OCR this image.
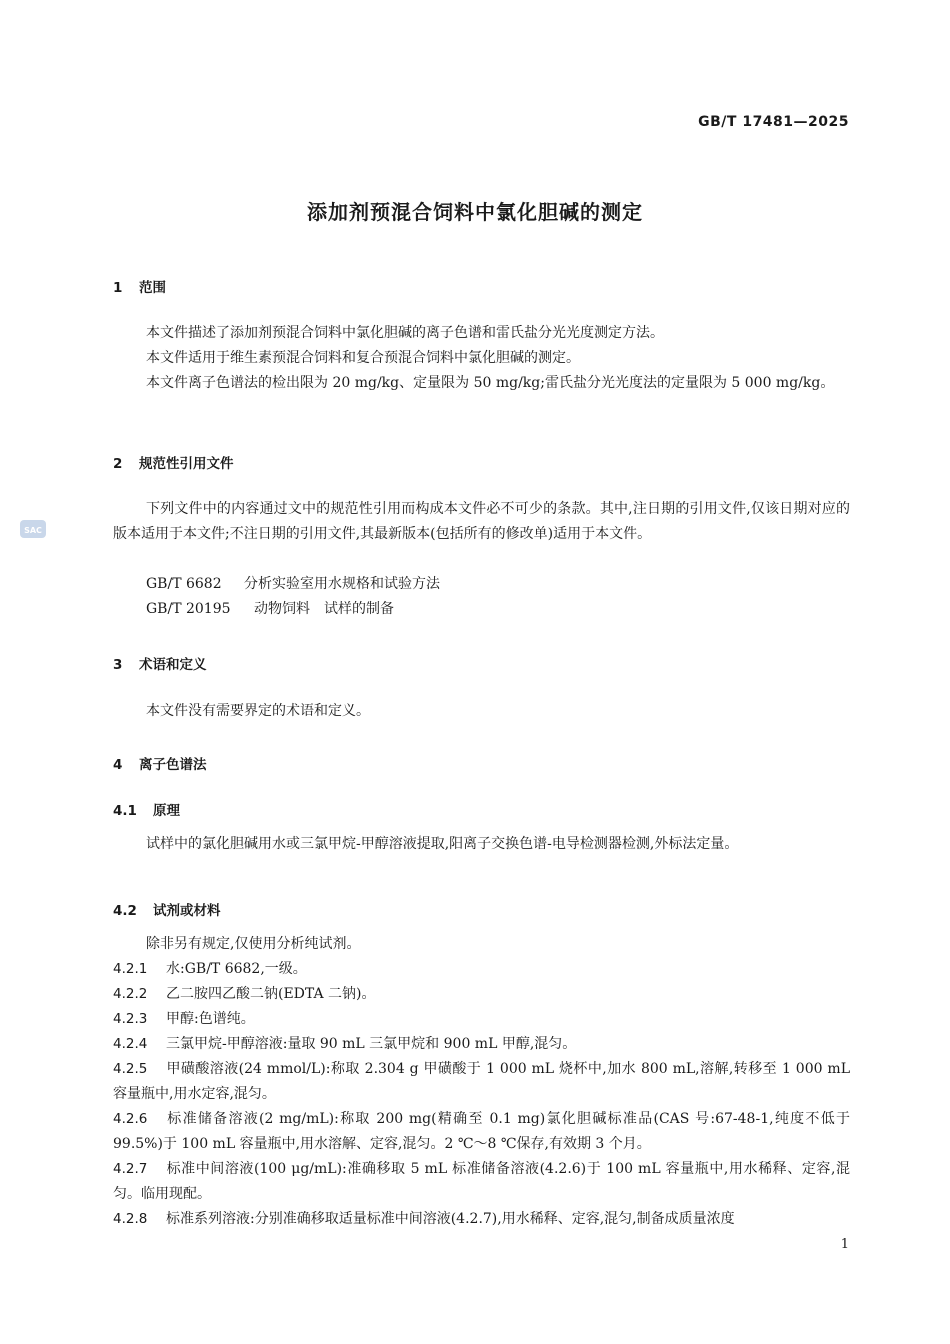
GB/T 17481—2025
SAC
添加剂预混合饲料中氯化胆碱的测定
1 范围
本文件描述了添加剂预混合饲料中氯化胆碱的离子色谱和雷氏盐分光光度测定方法。
本文件适用于维生素预混合饲料和复合预混合饲料中氯化胆碱的测定。
本文件离子色谱法的检出限为 20 mg/kg、定量限为 50 mg/kg;雷氏盐分光光度法的定量限为 5 000 mg/kg。
2 规范性引用文件
下列文件中的内容通过文中的规范性引用而构成本文件必不可少的条款。其中,注日期的引用文件,仅该日期对应的版本适用于本文件;不注日期的引用文件,其最新版本(包括所有的修改单)适用于本文件。
GB/T 6682 分析实验室用水规格和试验方法
GB/T 20195 动物饲料　试样的制备
3 术语和定义
本文件没有需要界定的术语和定义。
4 离子色谱法
4.1 原理
试样中的氯化胆碱用水或三氯甲烷-甲醇溶液提取,阳离子交换色谱-电导检测器检测,外标法定量。
4.2 试剂或材料
除非另有规定,仅使用分析纯试剂。
4.2.1 水:GB/T 6682,一级。
4.2.2 乙二胺四乙酸二钠(EDTA 二钠)。
4.2.3 甲醇:色谱纯。
4.2.4 三氯甲烷-甲醇溶液:量取 90 mL 三氯甲烷和 900 mL 甲醇,混匀。
4.2.5 甲磺酸溶液(24 mmol/L):称取 2.304 g 甲磺酸于 1 000 mL 烧杯中,加水 800 mL,溶解,转移至 1 000 mL 容量瓶中,用水定容,混匀。
4.2.6 标准储备溶液(2 mg/mL):称取 200 mg(精确至 0.1 mg)氯化胆碱标准品(CAS 号:67-48-1,纯度不低于 99.5%)于 100 mL 容量瓶中,用水溶解、定容,混匀。2 ℃～8 ℃保存,有效期 3 个月。
4.2.7 标准中间溶液(100 μg/mL):准确移取 5 mL 标准储备溶液(4.2.6)于 100 mL 容量瓶中,用水稀释、定容,混匀。临用现配。
4.2.8 标准系列溶液:分别准确移取适量标准中间溶液(4.2.7),用水稀释、定容,混匀,制备成质量浓度
1
